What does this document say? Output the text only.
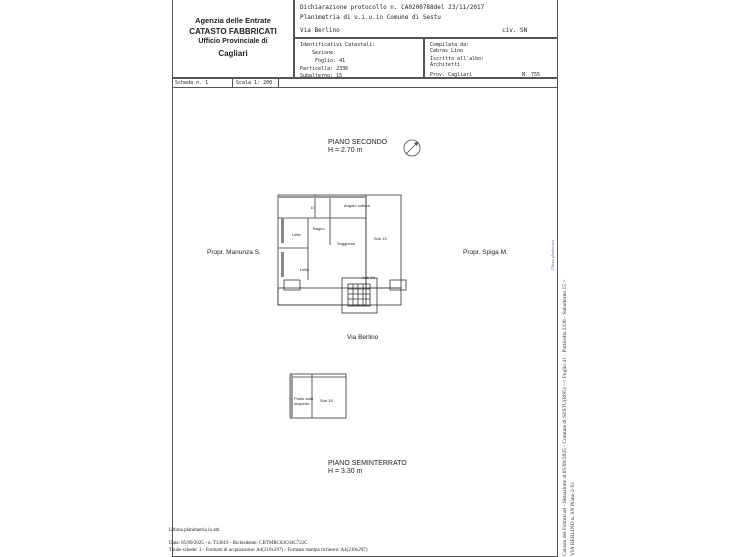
Agenzia delle Entrate
CATASTO FABBRICATI
Ufficio Provinciale di
Cagliari
Dichiarazione protocollo n. CA0200788del 23/11/2017
Planimetria di u.i.u.in Comune di Sestu
Via Berlino	civ. SN
Identificativi Catastali:
Sezione:
Foglio: 41
Particella: 2336
Subalterno: 15
Compilata da:
Cabras Lino
Iscritto all'albo:
Architetti
Prov. Cagliari	N. 755
Scheda n. 1	Scala 1: 200
PIANO SECONDO
H = 2.70 m
Propr. Manunza S.	Propr. Spiga M.
Angolo cottura
D
Letto
Bagno
Soggiorno
Letto
Sub 15
Sub 10
Via Berlino
Posto auto scoperto
Sub 15
PIANO SEMINTERRATO
H = 3.30 m
Ultima planimetria in atti
Data: 05/09/2025 - n. T33619 - Richiedente: CBTMRC83C04C722C
Totale schede: 1 - Formato di acquisizione: A4(210x297) - Formato stampa richiesto: A4(210x297)	Catasto dei Fabbricati - Situazione al 05/09/2025 - Comune di SESTU(I695) - < Foglio 41 - Particella 2336 - Subalterno 15 > VIA BERLINO n. SN Piano 2-S1
Ultima planimetria
